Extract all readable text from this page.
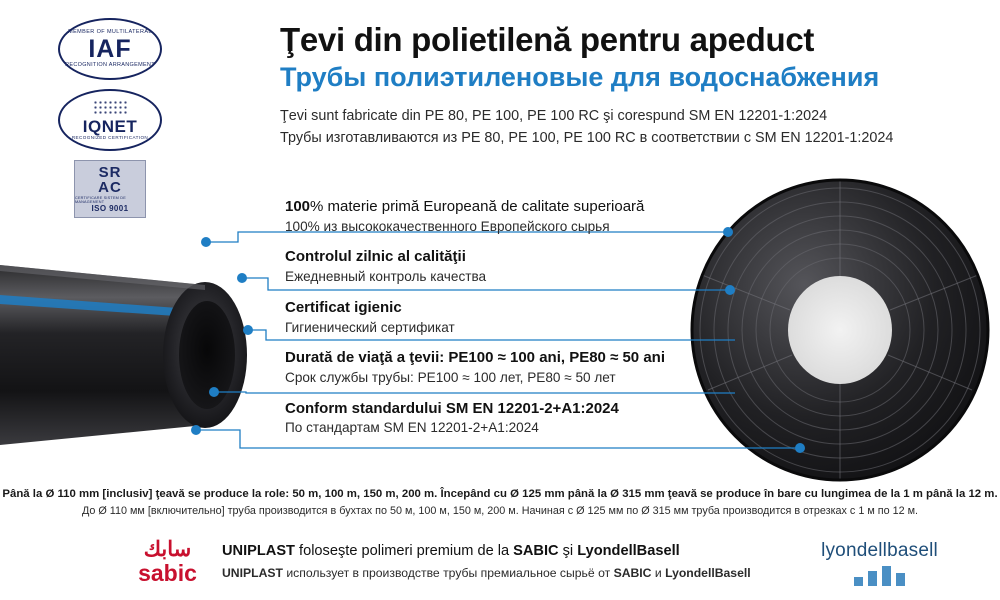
MEMBER OF MULTILATERAL
IAF
RECOGNITION ARRANGEMENT
IQNET
RECOGNIZED CERTIFICATION
SR
AC
CERTIFICARE SISTEM DE MANAGEMENT
ISO 9001
Ţevi din polietilenă pentru apeduct
Трубы полиэтиленовые для водоснабжения
Ţevi sunt fabricate din PE 80, PE 100, PE 100 RC şi corespund SM EN 12201-1:2024
Трубы изготавливаются из PE 80, PE 100, PE 100 RC в соответствии с SM EN 12201-1:2024
100% materie primă Europeană de calitate superioară
100% из высококачественного Европейского сырья
Controlul zilnic al calităţii
Ежедневный контроль качества
Certificat igienic
Гигиенический сертификат
Durată de viaţă a ţevii: PE100 ≈ 100 ani, PE80 ≈ 50 ani
Срок службы трубы: PE100 ≈ 100 лет, PE80 ≈ 50 лет
Conform standardului SM EN 12201-2+A1:2024
По стандартам SM EN 12201-2+A1:2024
Până la Ø 110 mm [inclusiv] ţeavă se produce la role: 50 m, 100 m, 150 m, 200 m. Începând cu Ø 125 mm până la Ø 315 mm ţeavă se produce în bare cu lungimea de la 1 m până la 12 m.
До Ø 110 мм [включительно] труба производится в бухтах по 50 м, 100 м, 150 м, 200 м. Начиная с Ø 125 мм по Ø 315 мм труба производится в отрезках с 1 м по 12 м.
سابك
sabic
UNIPLAST foloseşte polimeri premium de la SABIC şi LyondellBasell
UNIPLAST использует в производстве трубы премиальное сырьё от SABIC и LyondellBasell
lyondellbasell
